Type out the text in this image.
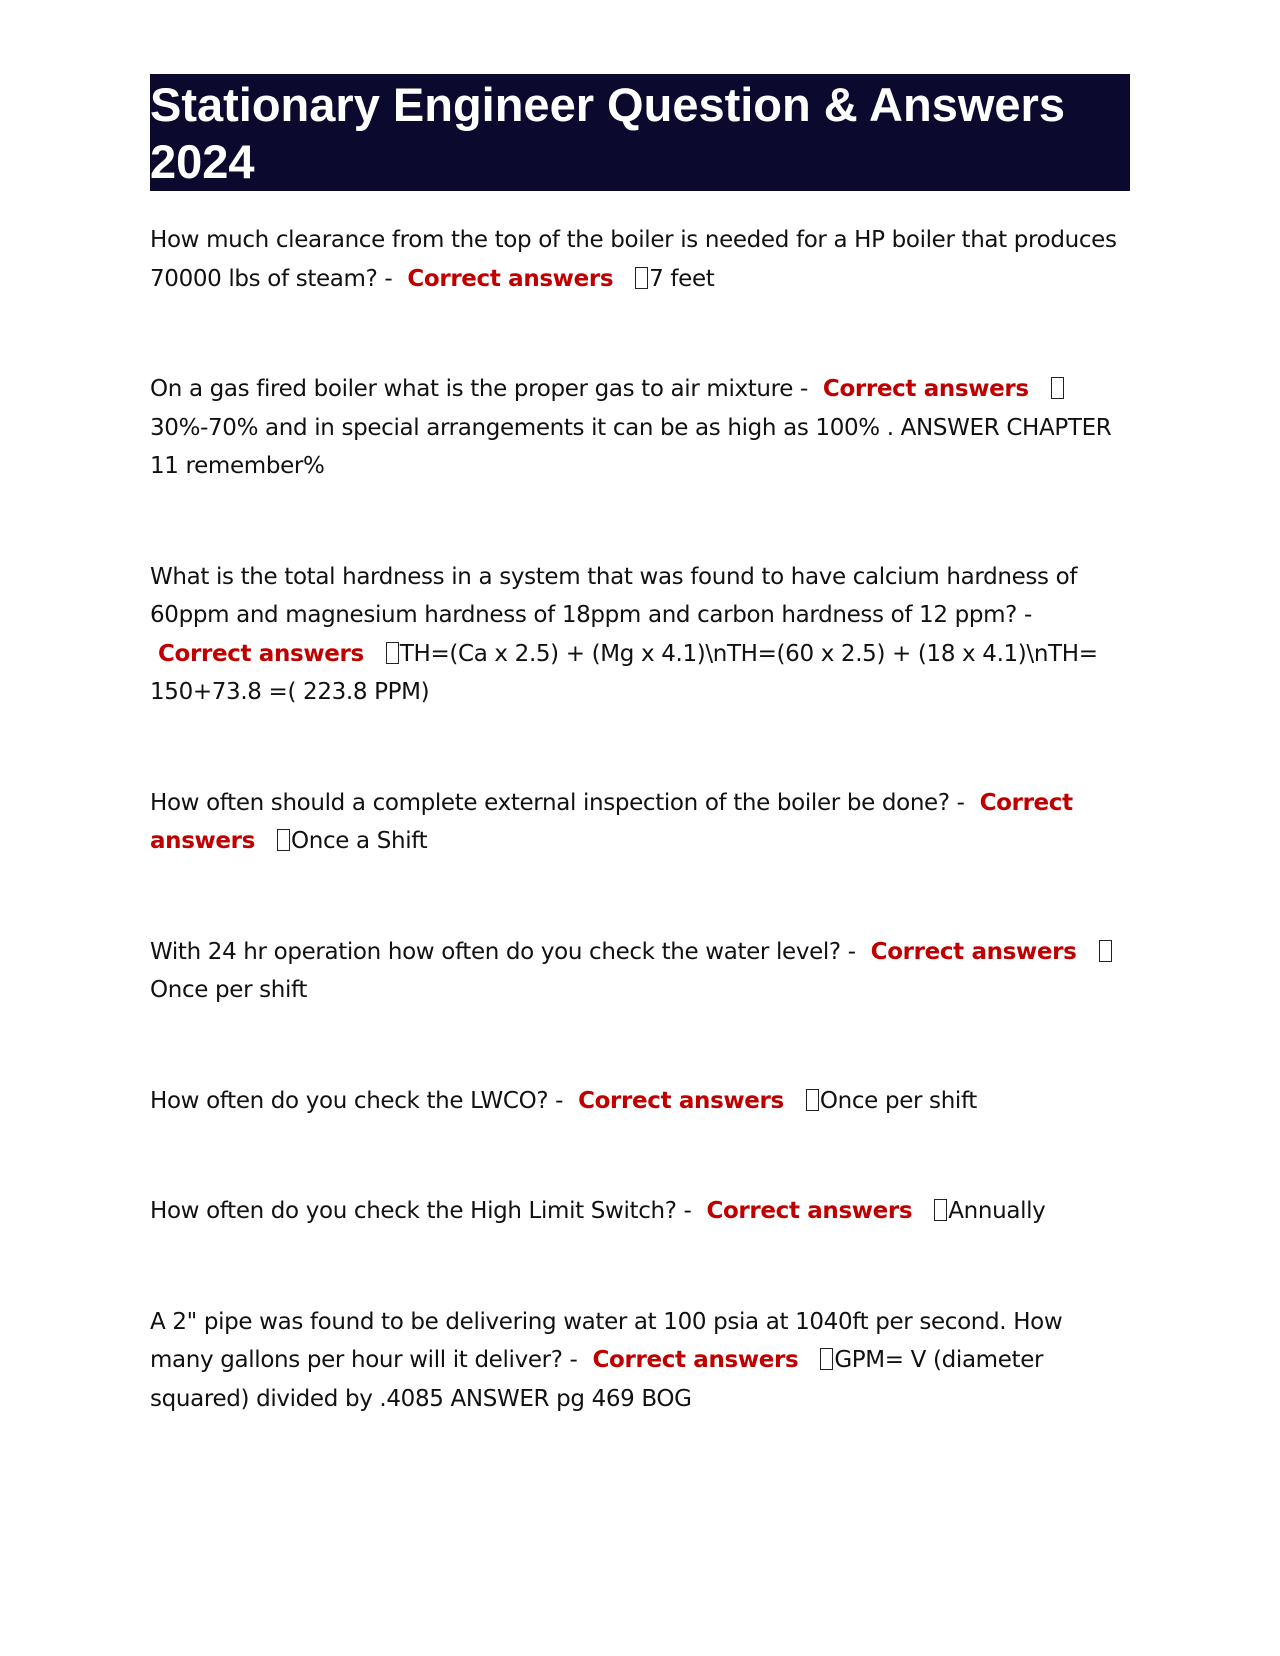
Stationary Engineer Question & Answers 2024

How much clearance from the top of the boiler is needed for a HP boiler that produces 70000 lbs of steam? - Correct answers 7 feet

On a gas fired boiler what is the proper gas to air mixture - Correct answers30%-70% and in special arrangements it can be as high as 100% . ANSWER CHAPTER 11 remember%

What is the total hardness in a system that was found to have calcium hardness of 60ppm and magnesium hardness of 18ppm and carbon hardness of 12 ppm? - Correct answers TH=(Ca x 2.5) + (Mg x 4.1)\nTH=(60 x 2.5) + (18 x 4.1)\nTH= 150+73.8 =( 223.8 PPM)

How often should a complete external inspection of the boiler be done? - Correct answers Once a Shift

With 24 hr operation how often do you check the water level? - Correct answersOnce per shift

How often do you check the LWCO? - Correct answers Once per shift

How often do you check the High Limit Switch? - Correct answers Annually

A 2" pipe was found to be delivering water at 100 psia at 1040ft per second. How many gallons per hour will it deliver? - Correct answers GPM= V (diameter squared) divided by .4085 ANSWER pg 469 BOG
